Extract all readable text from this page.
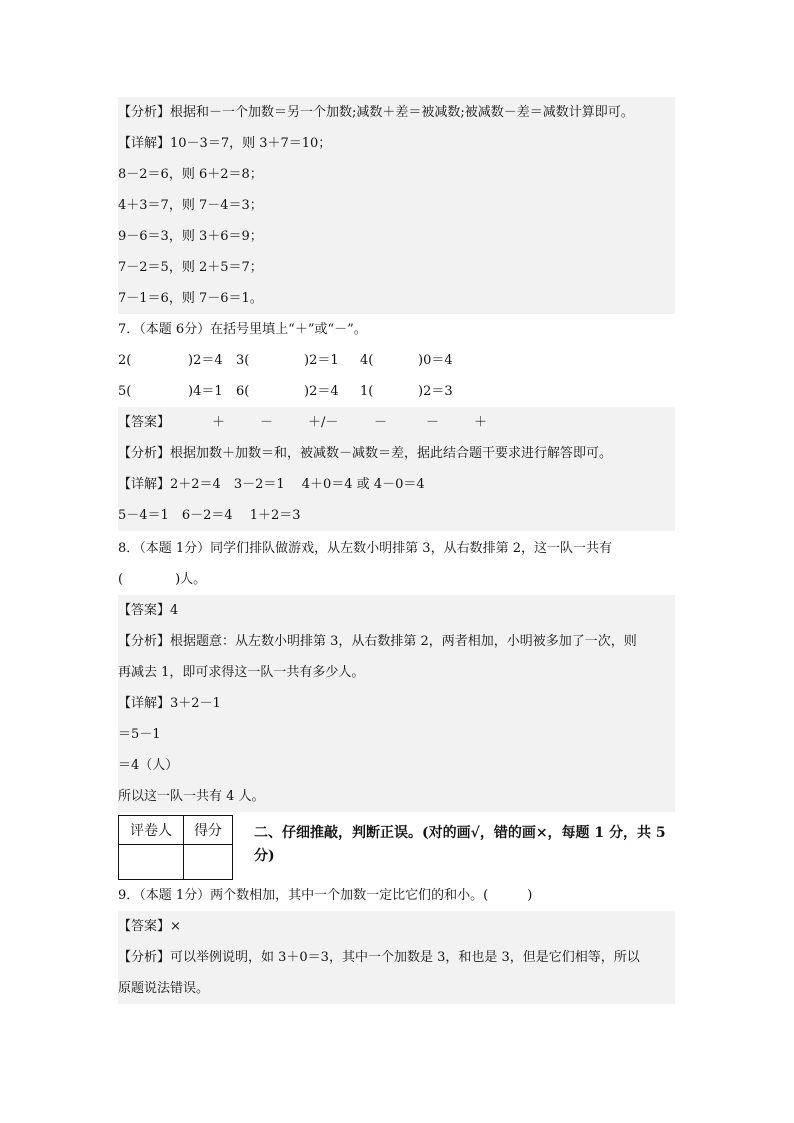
【分析】根据和－一个加数＝另一个加数;减数＋差＝被减数;被减数－差＝减数计算即可。
【详解】10－3＝7，则 3＋7＝10；
8－2＝6，则 6＋2＝8；
4＋3＝7，则 7－4＝3；
9－6＝3，则 3＋6＝9；
7－2＝5，则 2＋5＝7；
7－1＝6，则 7－6＝1。
7．（本题 6分）在括号里填上“＋”或“－”。
2(	)2＝4 3(	)2＝1 4(	)0＝4
5(	)4＝1 6(	)2＝4 1(	)2＝3
【答案】	＋	－	＋/－	－	－	＋
【分析】根据加数＋加数＝和，被减数－减数＝差，据此结合题干要求进行解答即可。
【详解】2＋2＝4　3－2＝1　 4＋0＝4 或 4－0＝4
5－4＝1　6－2＝4　 1＋2＝3
8．（本题 1分）同学们排队做游戏，从左数小明排第 3，从右数排第 2，这一队一共有
(　　　　)人。
【答案】4
【分析】根据题意：从左数小明排第 3，从右数排第 2，两者相加，小明被多加了一次，则
再减去 1，即可求得这一队一共有多少人。
【详解】3＋2－1
＝5－1
＝4（人）
所以这一队一共有 4 人。
评卷人	得分
	二、仔细推敲，判断正误。(对的画√，错的画×，每题 1 分，共 5 分)
9．（本题 1分）两个数相加，其中一个加数一定比它们的和小。(　　　)
【答案】×
【分析】可以举例说明，如 3＋0＝3，其中一个加数是 3，和也是 3，但是它们相等，所以
原题说法错误。
